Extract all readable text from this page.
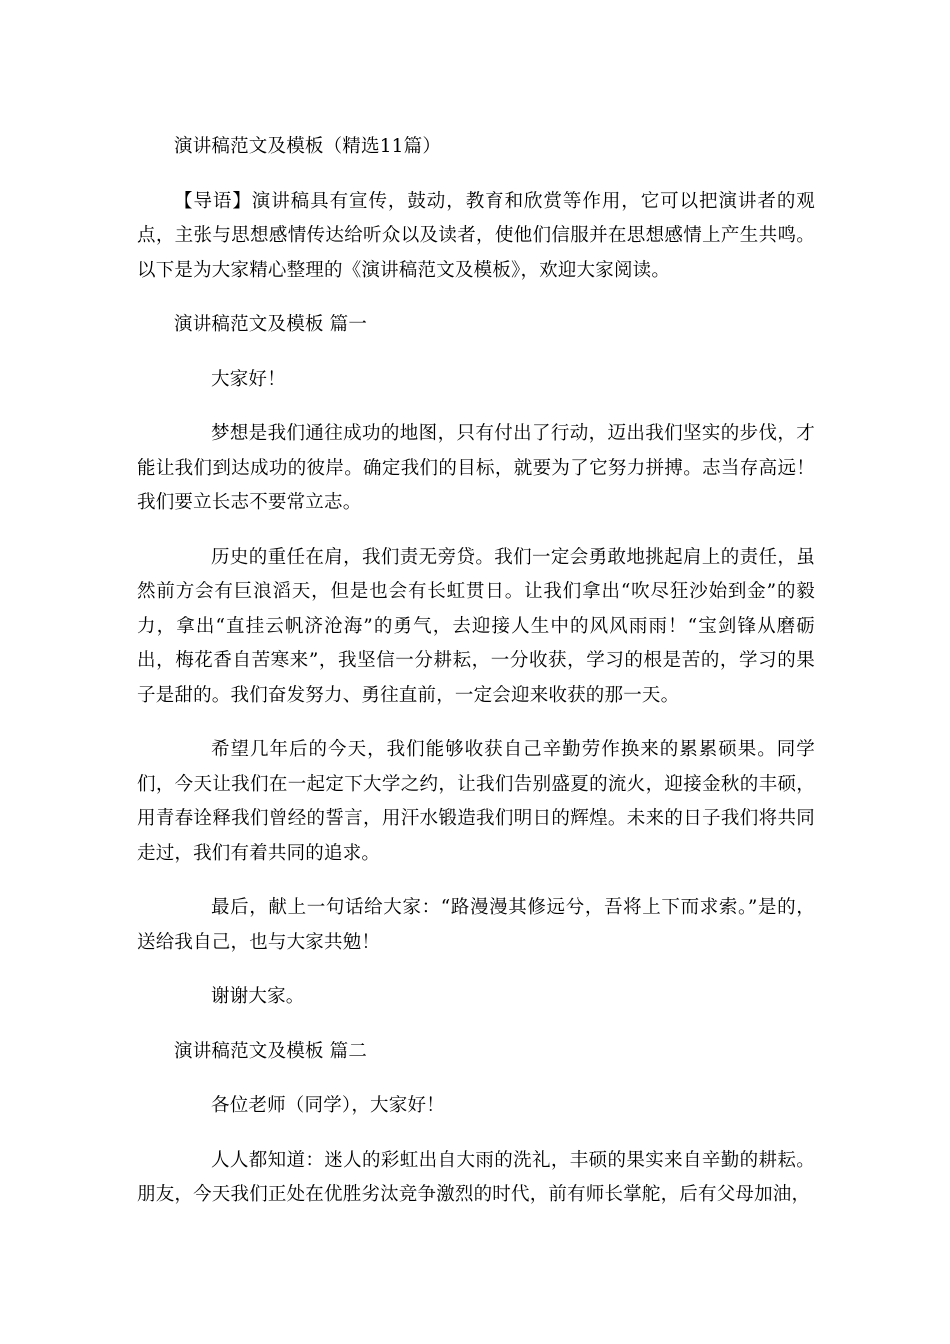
演讲稿范文及模板（精选11篇）

【导语】演讲稿具有宣传，鼓动，教育和欣赏等作用，它可以把演讲者的观点，主张与思想感情传达给听众以及读者，使他们信服并在思想感情上产生共鸣。以下是为大家精心整理的《演讲稿范文及模板》，欢迎大家阅读。

演讲稿范文及模板 篇一

大家好！

梦想是我们通往成功的地图，只有付出了行动，迈出我们坚实的步伐，才能让我们到达成功的彼岸。确定我们的目标，就要为了它努力拼搏。志当存高远！我们要立长志不要常立志。

历史的重任在肩，我们责无旁贷。我们一定会勇敢地挑起肩上的责任，虽然前方会有巨浪滔天，但是也会有长虹贯日。让我们拿出“吹尽狂沙始到金”的毅力，拿出“直挂云帆济沧海”的勇气，去迎接人生中的风风雨雨！“宝剑锋从磨砺出，梅花香自苦寒来”，我坚信一分耕耘，一分收获，学习的根是苦的，学习的果子是甜的。我们奋发努力、勇往直前，一定会迎来收获的那一天。

希望几年后的今天，我们能够收获自己辛勤劳作换来的累累硕果。同学们，今天让我们在一起定下大学之约，让我们告别盛夏的流火，迎接金秋的丰硕，用青春诠释我们曾经的誓言，用汗水锻造我们明日的辉煌。未来的日子我们将共同走过，我们有着共同的追求。

最后，献上一句话给大家：“路漫漫其修远兮，吾将上下而求索。”是的，送给我自己，也与大家共勉！

谢谢大家。

演讲稿范文及模板 篇二

各位老师（同学），大家好！

人人都知道：迷人的彩虹出自大雨的洗礼，丰硕的果实来自辛勤的耕耘。朋友，今天我们正处在优胜劣汰竞争激烈的时代，前有师长掌舵，后有父母加油，
